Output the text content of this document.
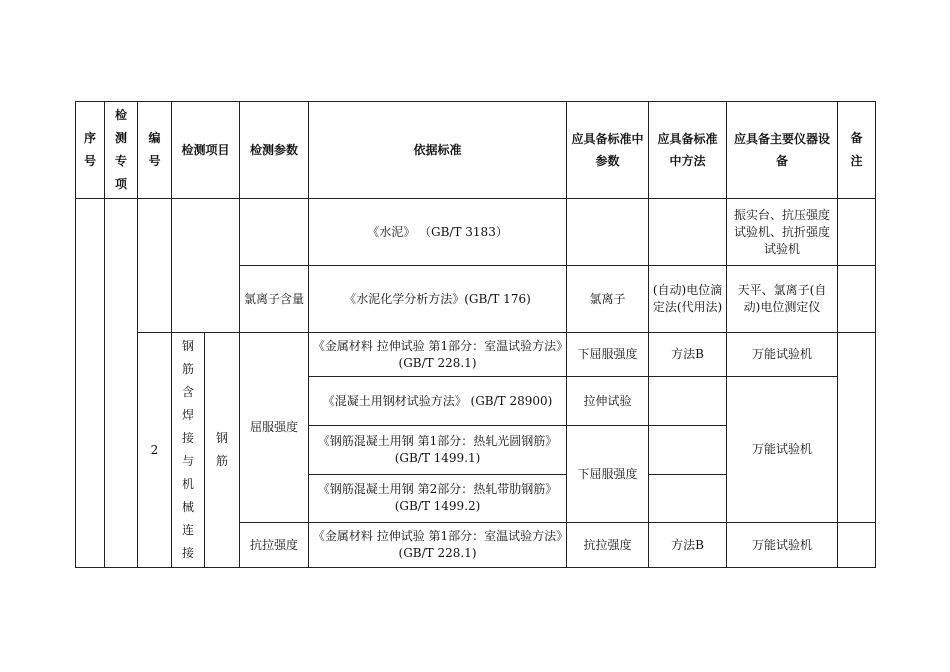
序号	检测专项	编号	检测项目		检测参数	依据标准	应具备标准中参数	应具备标准中方法	应具备主要仪器设备	备注

						《水泥》 （GB/T 3183）			振实台、抗压强度试验机、抗折强度试验机	
					氯离子含量	《水泥化学分析方法》(GB/T 176)	氯离子	(自动)电位滴定法(代用法)	天平、氯离子(自动)电位测定仪	
		2	钢筋含焊接与机械连接	钢筋	屈服强度	《金属材料 拉伸试验 第1部分：室温试验方法》(GB/T 228.1)	下屈服强度	方法B	万能试验机	
						《混凝土用钢材试验方法》 (GB/T 28900)	拉伸试验		万能试验机	
						《钢筋混凝土用钢 第1部分：热轧光圆钢筋》 (GB/T 1499.1)	下屈服强度			
						《钢筋混凝土用钢 第2部分：热轧带肋钢筋》 (GB/T 1499.2)				

					抗拉强度	《金属材料 拉伸试验 第1部分：室温试验方法》(GB/T 228.1)	抗拉强度	方法B	万能试验机	
